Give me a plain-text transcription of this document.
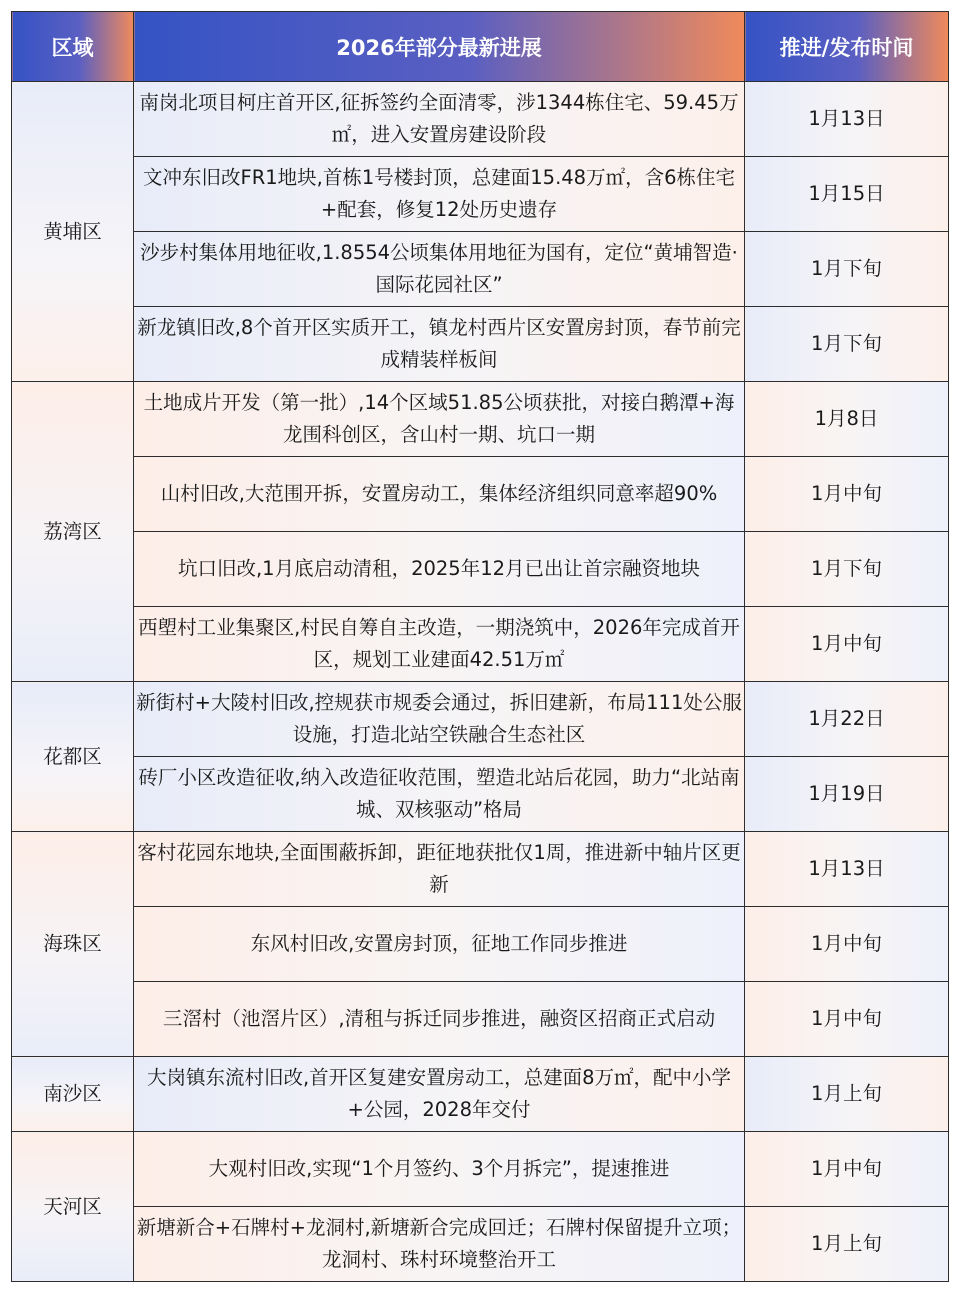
区域	2026年部分最新进展	推进/发布时间
黄埔区	南岗北项目柯庄首开区,征拆签约全面清零，涉1344栋住宅、59.45万㎡，进入安置房建设阶段	1月13日
	文冲东旧改FR1地块,首栋1号楼封顶，总建面15.48万㎡，含6栋住宅+配套，修复12处历史遗存	1月15日
	沙步村集体用地征收,1.8554公顷集体用地征为国有，定位“黄埔智造·国际花园社区”	1月下旬
	新龙镇旧改,8个首开区实质开工，镇龙村西片区安置房封顶，春节前完成精装样板间	1月下旬
荔湾区	土地成片开发（第一批）,14个区域51.85公顷获批，对接白鹅潭+海龙围科创区，含山村一期、坑口一期	1月8日
	山村旧改,大范围开拆，安置房动工，集体经济组织同意率超90%	1月中旬
	坑口旧改,1月底启动清租，2025年12月已出让首宗融资地块	1月下旬
	西塱村工业集聚区,村民自筹自主改造，一期浇筑中，2026年完成首开区，规划工业建面42.51万㎡	1月中旬
花都区	新街村+大陵村旧改,控规获市规委会通过，拆旧建新，布局111处公服设施，打造北站空铁融合生态社区	1月22日
	砖厂小区改造征收,纳入改造征收范围，塑造北站后花园，助力“北站南城、双核驱动”格局	1月19日
海珠区	客村花园东地块,全面围蔽拆卸，距征地获批仅1周，推进新中轴片区更新	1月13日
	东风村旧改,安置房封顶，征地工作同步推进	1月中旬
	三滘村（池滘片区）,清租与拆迁同步推进，融资区招商正式启动	1月中旬
南沙区	大岗镇东流村旧改,首开区复建安置房动工，总建面8万㎡，配中小学+公园，2028年交付	1月上旬
天河区	大观村旧改,实现“1个月签约、3个月拆完”，提速推进	1月中旬
	新塘新合+石牌村+龙洞村,新塘新合完成回迁；石牌村保留提升立项；龙洞村、珠村环境整治开工	1月上旬
